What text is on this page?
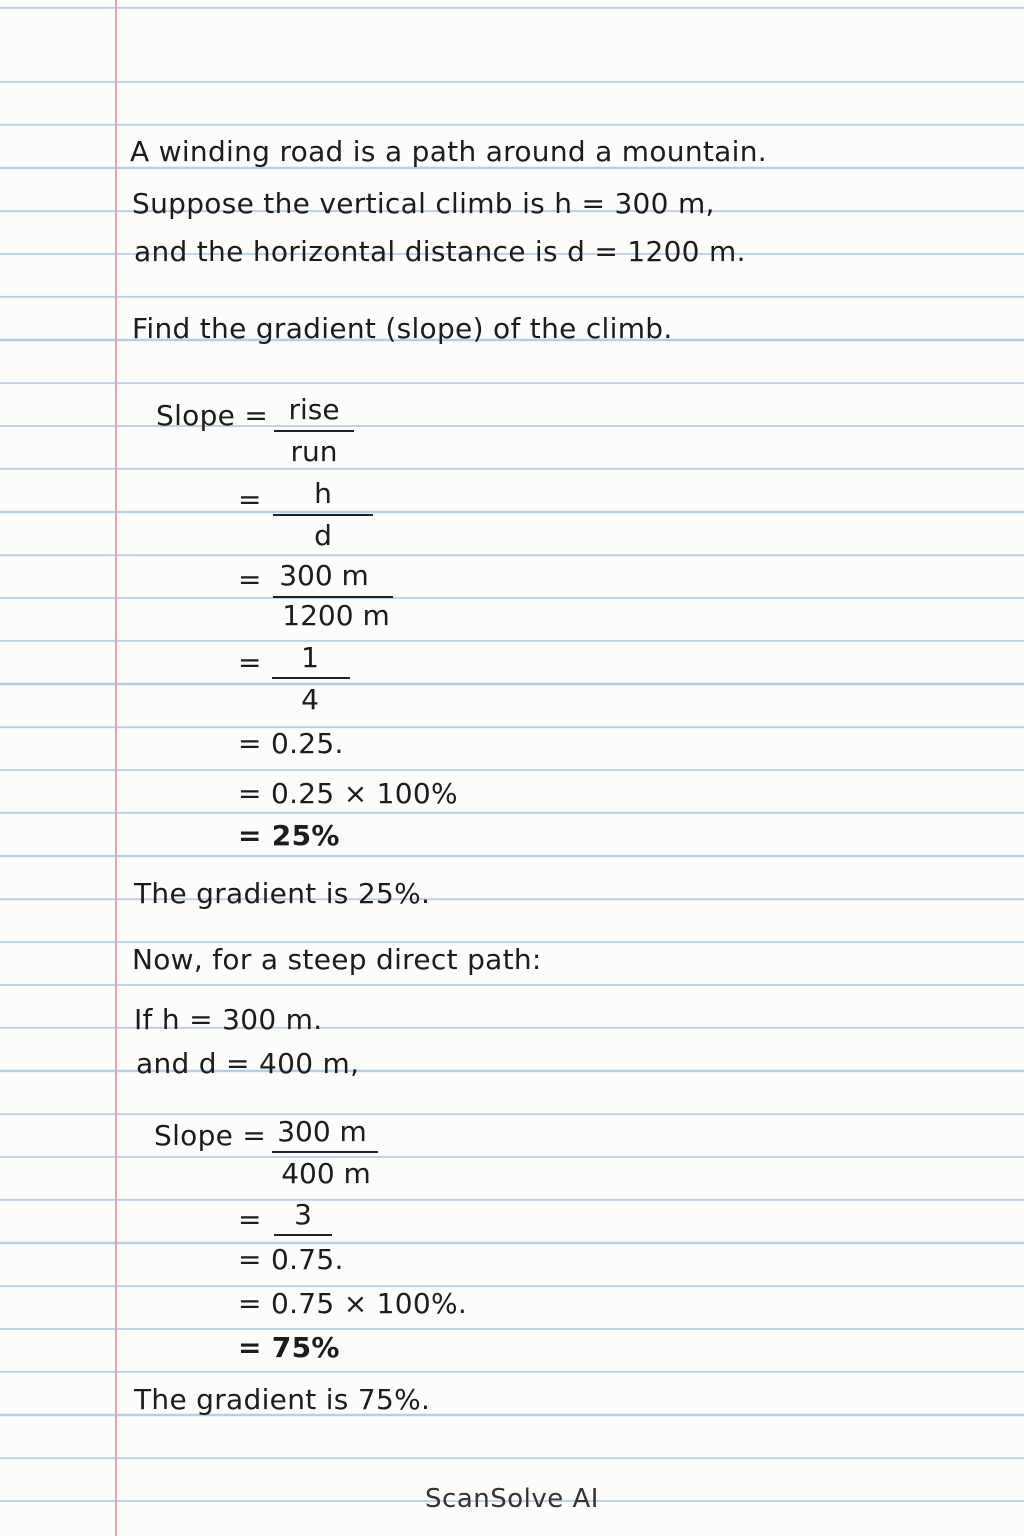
A winding road is a path around a mountain.
Suppose the vertical climb is h = 300 m,
and the horizontal distance is d = 1200 m.
Find the gradient (slope) of the climb.
Slope = rise
run
=	h
d
= 300 m
1200 m
=	1
4
= 0.25.
= 0.25 × 100%
= 25%
The gradient is 25%.
Now, for a steep direct path:
If h = 300 m.
and d = 400 m,
Slope = 300 m
400 m
=	3
= 0.75.
= 0.75 × 100%.
= 75%
The gradient is 75%.
ScanSolve AI
